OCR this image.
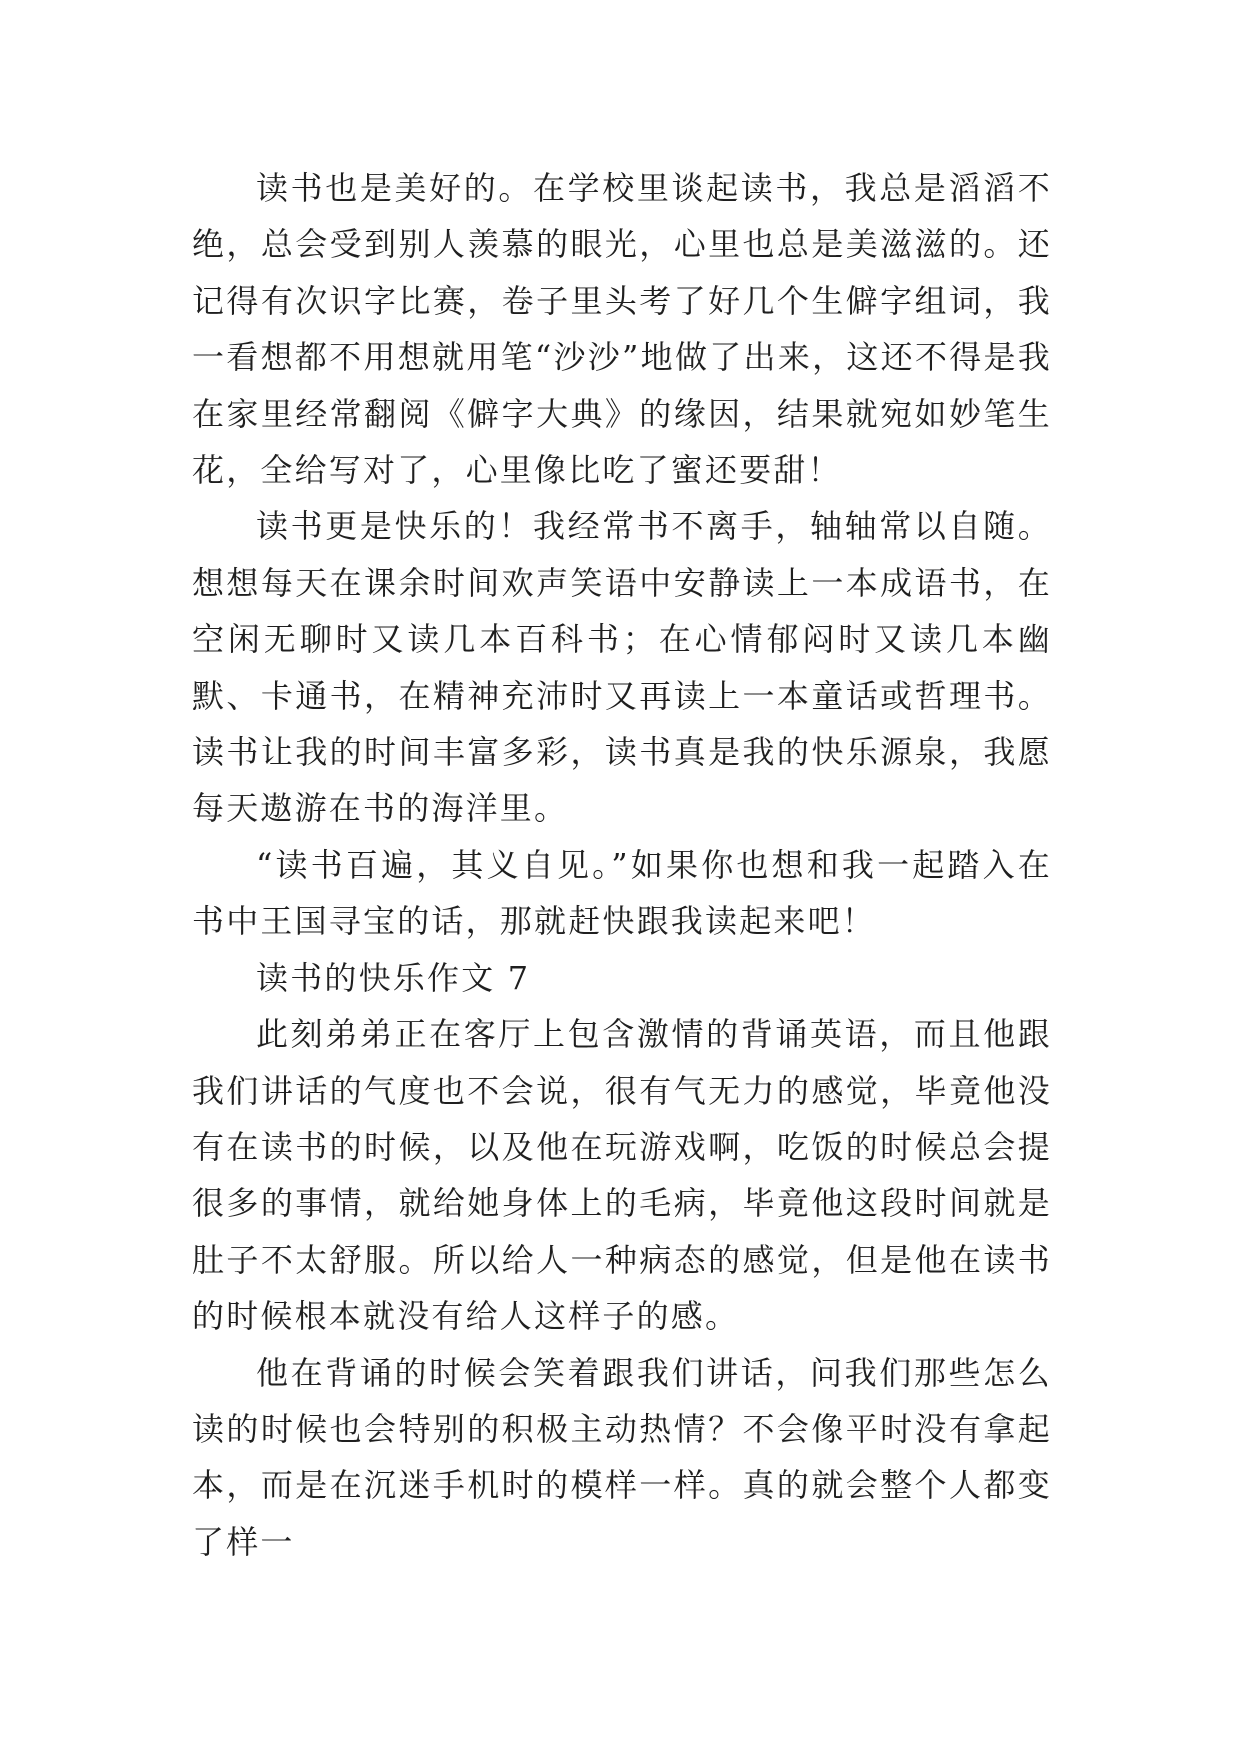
读书也是美好的。在学校里谈起读书，我总是滔滔不绝，总会受到别人羡慕的眼光，心里也总是美滋滋的。还记得有次识字比赛，卷子里头考了好几个生僻字组词，我一看想都不用想就用笔“沙沙”地做了出来，这还不得是我在家里经常翻阅《僻字大典》的缘因，结果就宛如妙笔生花，全给写对了，心里像比吃了蜜还要甜！

读书更是快乐的！我经常书不离手，轴轴常以自随。想想每天在课余时间欢声笑语中安静读上一本成语书，在空闲无聊时又读几本百科书；在心情郁闷时又读几本幽默、卡通书，在精神充沛时又再读上一本童话或哲理书。读书让我的时间丰富多彩，读书真是我的快乐源泉，我愿每天遨游在书的海洋里。

“读书百遍，其义自见。”如果你也想和我一起踏入在书中王国寻宝的话，那就赶快跟我读起来吧！

读书的快乐作文 7

此刻弟弟正在客厅上包含激情的背诵英语，而且他跟我们讲话的气度也不会说，很有气无力的感觉，毕竟他没有在读书的时候，以及他在玩游戏啊，吃饭的时候总会提很多的事情，就给她身体上的毛病，毕竟他这段时间就是肚子不太舒服。所以给人一种病态的感觉，但是他在读书的时候根本就没有给人这样子的感。

他在背诵的时候会笑着跟我们讲话，问我们那些怎么读的时候也会特别的积极主动热情？不会像平时没有拿起本，而是在沉迷手机时的模样一样。真的就会整个人都变了样一
